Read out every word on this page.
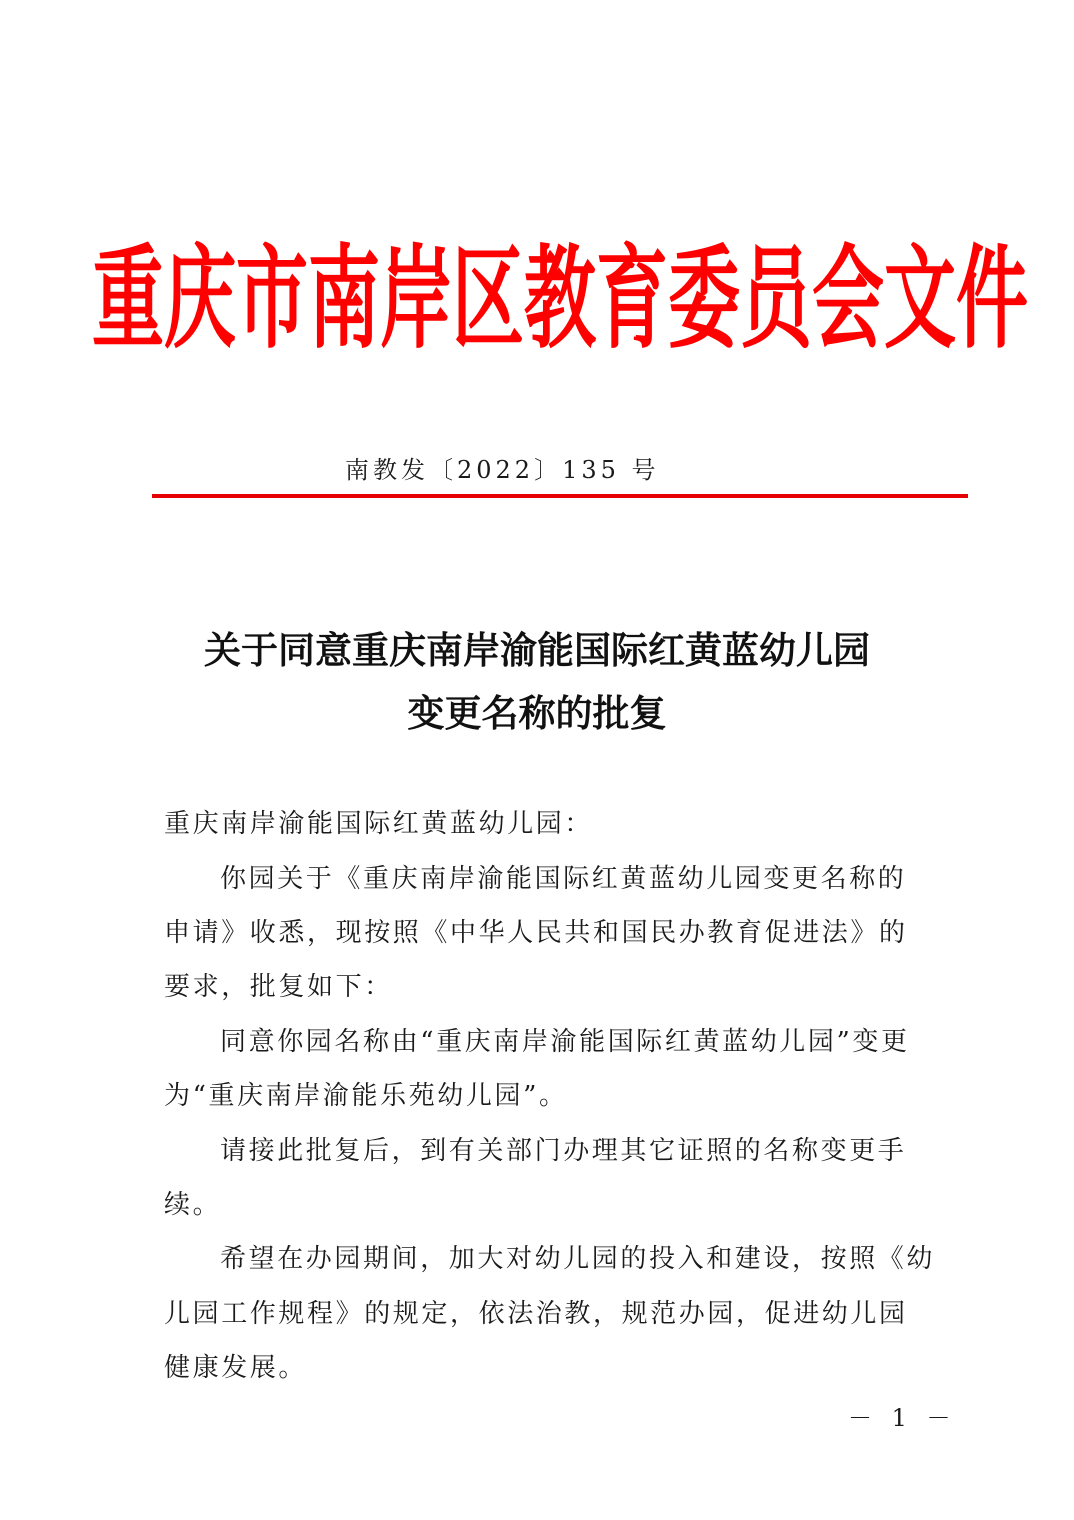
重庆市南岸区教育委员会文件
南教发〔2022〕135 号
关于同意重庆南岸渝能国际红黄蓝幼儿园
变更名称的批复
重庆南岸渝能国际红黄蓝幼儿园：
你园关于《重庆南岸渝能国际红黄蓝幼儿园变更名称的
申请》收悉，现按照《中华人民共和国民办教育促进法》的
要求，批复如下：
同意你园名称由“重庆南岸渝能国际红黄蓝幼儿园”变更
为“重庆南岸渝能乐苑幼儿园”。
请接此批复后，到有关部门办理其它证照的名称变更手
续。
希望在办园期间，加大对幼儿园的投入和建设，按照《幼
儿园工作规程》的规定，依法治教，规范办园，促进幼儿园
健康发展。
－ 1 －
